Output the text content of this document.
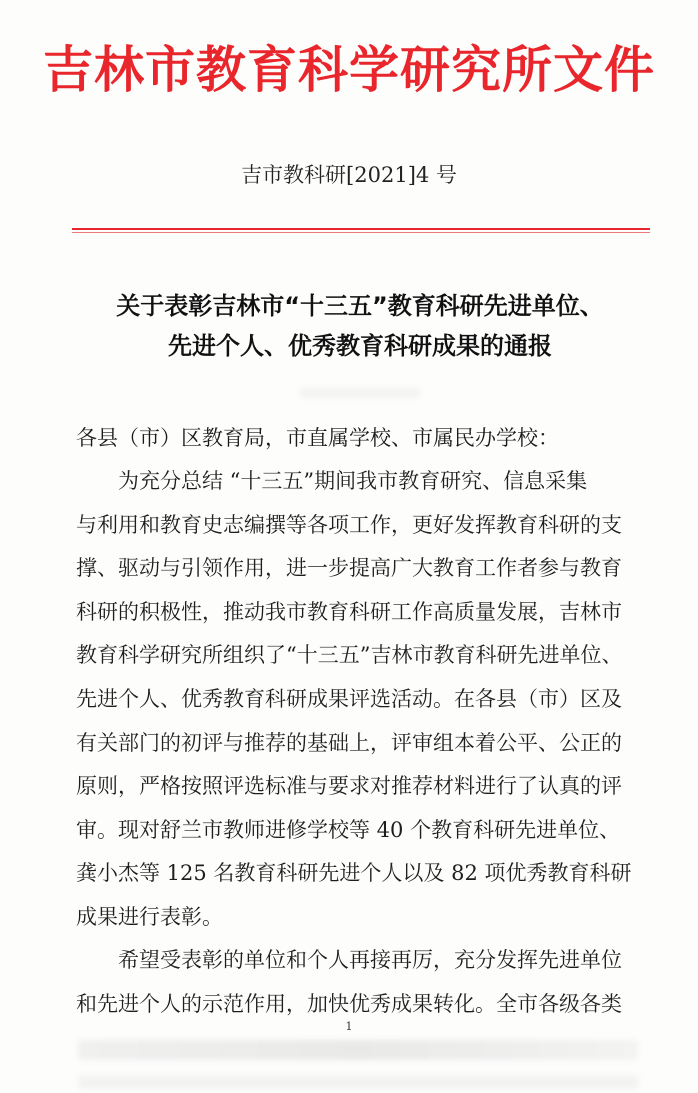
吉林市教育科学研究所文件
吉市教科研[2021]4 号
关于表彰吉林市“十三五”教育科研先进单位、
先进个人、优秀教育科研成果的通报
各县（市）区教育局，市直属学校、市属民办学校：
　　为充分总结 “十三五”期间我市教育研究、信息采集
与利用和教育史志编撰等各项工作，更好发挥教育科研的支
撑、驱动与引领作用，进一步提高广大教育工作者参与教育
科研的积极性，推动我市教育科研工作高质量发展，吉林市
教育科学研究所组织了“十三五”吉林市教育科研先进单位、
先进个人、优秀教育科研成果评选活动。在各县（市）区及
有关部门的初评与推荐的基础上，评审组本着公平、公正的
原则，严格按照评选标准与要求对推荐材料进行了认真的评
审。现对舒兰市教师进修学校等 40 个教育科研先进单位、
龚小杰等 125 名教育科研先进个人以及 82 项优秀教育科研
成果进行表彰。
　　希望受表彰的单位和个人再接再厉，充分发挥先进单位
和先进个人的示范作用，加快优秀成果转化。全市各级各类
1
